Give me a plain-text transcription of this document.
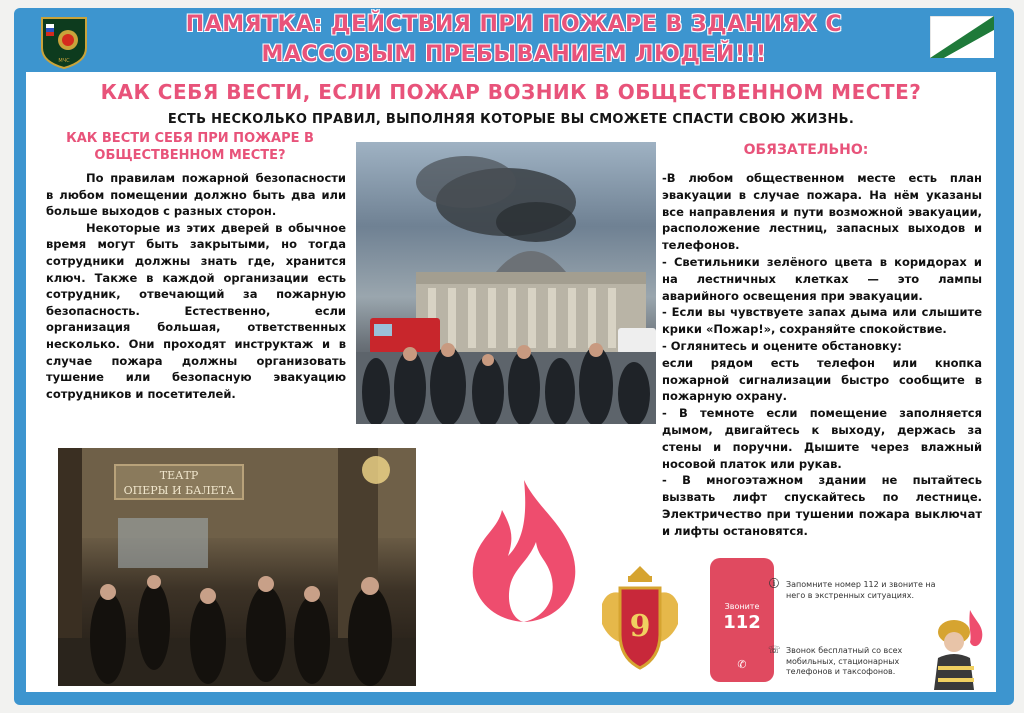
МЧС
ПАМЯТКА: ДЕЙСТВИЯ ПРИ ПОЖАРЕ В ЗДАНИЯХ С
МАССОВЫМ ПРЕБЫВАНИЕМ ЛЮДЕЙ!!!
КАК СЕБЯ ВЕСТИ, ЕСЛИ ПОЖАР ВОЗНИК В ОБЩЕСТВЕННОМ МЕСТЕ?
ЕСТЬ НЕСКОЛЬКО ПРАВИЛ, ВЫПОЛНЯЯ КОТОРЫЕ ВЫ СМОЖЕТЕ СПАСТИ СВОЮ ЖИЗНЬ.
КАК ВЕСТИ СЕБЯ ПРИ ПОЖАРЕ В ОБЩЕСТВЕННОМ МЕСТЕ?

По правилам пожарной безопасности в любом помещении должно быть два или больше выходов с разных сторон.

Некоторые из этих дверей в обычное время могут быть закрытыми, но тогда сотрудники должны знать где, хранится ключ. Также в каждой организации есть сотрудник, отвечающий за пожарную безопасность. Естественно, если организация большая, ответственных несколько. Они проходят инструктаж и в случае пожара должны организовать тушение или безопасную эвакуацию сотрудников и посетителей.

ТЕАТР
ОПЕРЫ И БАЛЕТА
9
Звоните
112
✆
ⓘ Запомните номер 112 и звоните на него в экстренных ситуациях.
☏ Звонок бесплатный со всех мобильных, стационарных телефонов и таксофонов.
ОБЯЗАТЕЛЬНО:
-В любом общественном месте есть план эвакуации в случае пожара. На нём указаны все направления и пути возможной эвакуации, расположение лестниц, запасных выходов и телефонов.
- Светильники зелёного цвета в коридорах и на лестничных клетках — это лампы аварийного освещения при эвакуации.
- Если вы чувствуете запах дыма или слышите крики «Пожар!», сохраняйте спокойствие.
- Оглянитесь и оцените обстановку:
если рядом есть телефон или кнопка пожарной сигнализации быстро сообщите в пожарную охрану.
- В темноте если помещение заполняется дымом, двигайтесь к выходу, держась за стены и поручни. Дышите через влажный носовой платок или рукав.
- В многоэтажном здании не пытайтесь вызвать лифт спускайтесь по лестнице. Электричество при тушении пожара выключат и лифты остановятся.
